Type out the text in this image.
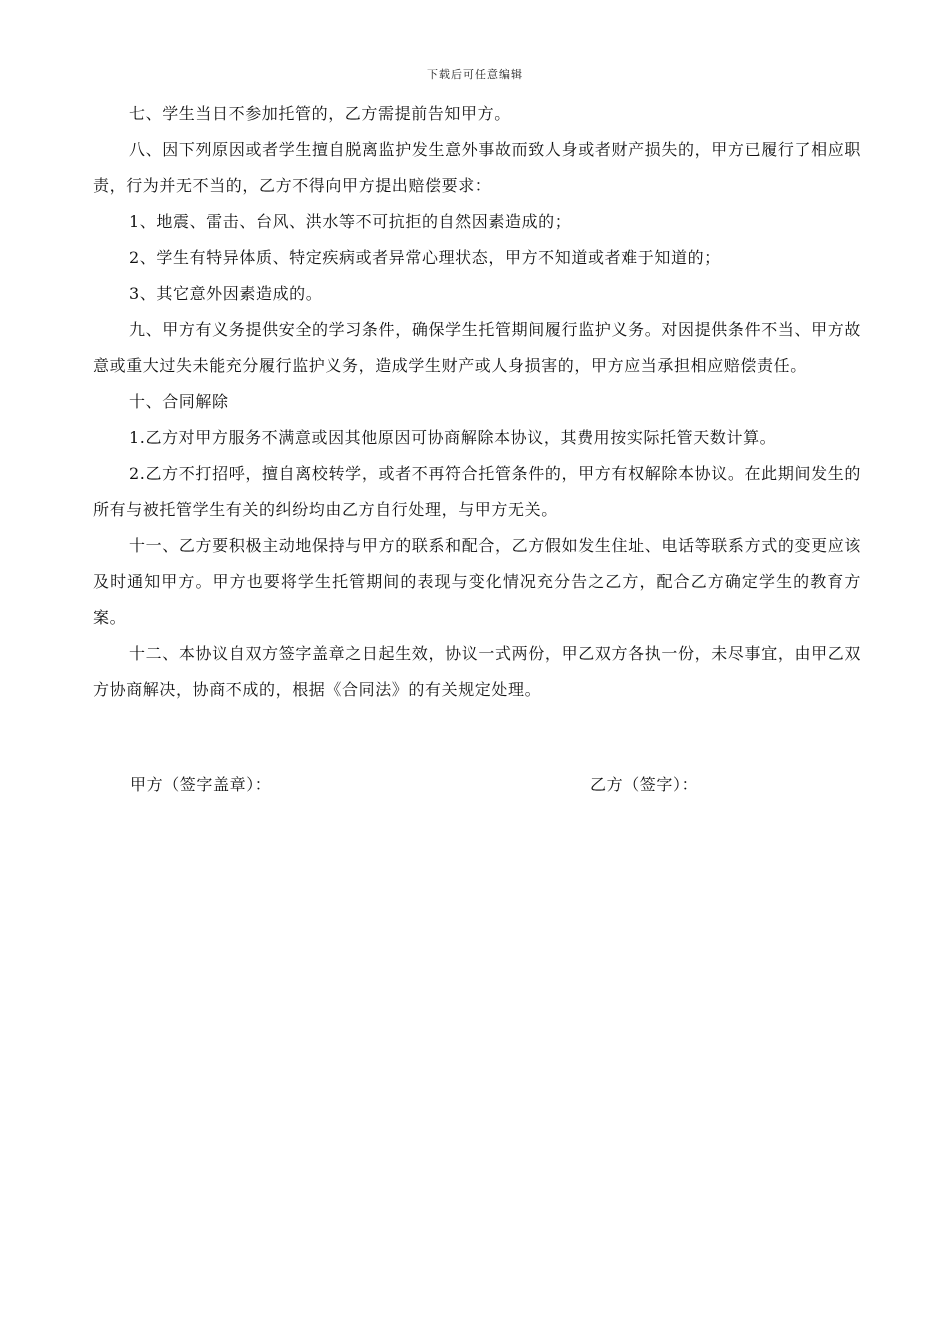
下载后可任意编辑

七、学生当日不参加托管的，乙方需提前告知甲方。

八、因下列原因或者学生擅自脱离监护发生意外事故而致人身或者财产损失的，甲方已履行了相应职责，行为并无不当的，乙方不得向甲方提出赔偿要求：

1、地震、雷击、台风、洪水等不可抗拒的自然因素造成的；

2、学生有特异体质、特定疾病或者异常心理状态，甲方不知道或者难于知道的；

3、其它意外因素造成的。

九、甲方有义务提供安全的学习条件，确保学生托管期间履行监护义务。对因提供条件不当、甲方故意或重大过失未能充分履行监护义务，造成学生财产或人身损害的，甲方应当承担相应赔偿责任。

十、合同解除

1.乙方对甲方服务不满意或因其他原因可协商解除本协议，其费用按实际托管天数计算。

2.乙方不打招呼，擅自离校转学，或者不再符合托管条件的，甲方有权解除本协议。在此期间发生的所有与被托管学生有关的纠纷均由乙方自行处理，与甲方无关。

十一、乙方要积极主动地保持与甲方的联系和配合，乙方假如发生住址、电话等联系方式的变更应该及时通知甲方。甲方也要将学生托管期间的表现与变化情况充分告之乙方，配合乙方确定学生的教育方案。

十二、本协议自双方签字盖章之日起生效，协议一式两份，甲乙双方各执一份，未尽事宜，由甲乙双方协商解决，协商不成的，根据《合同法》的有关规定处理。

甲方（签字盖章）：	乙方（签字）：
